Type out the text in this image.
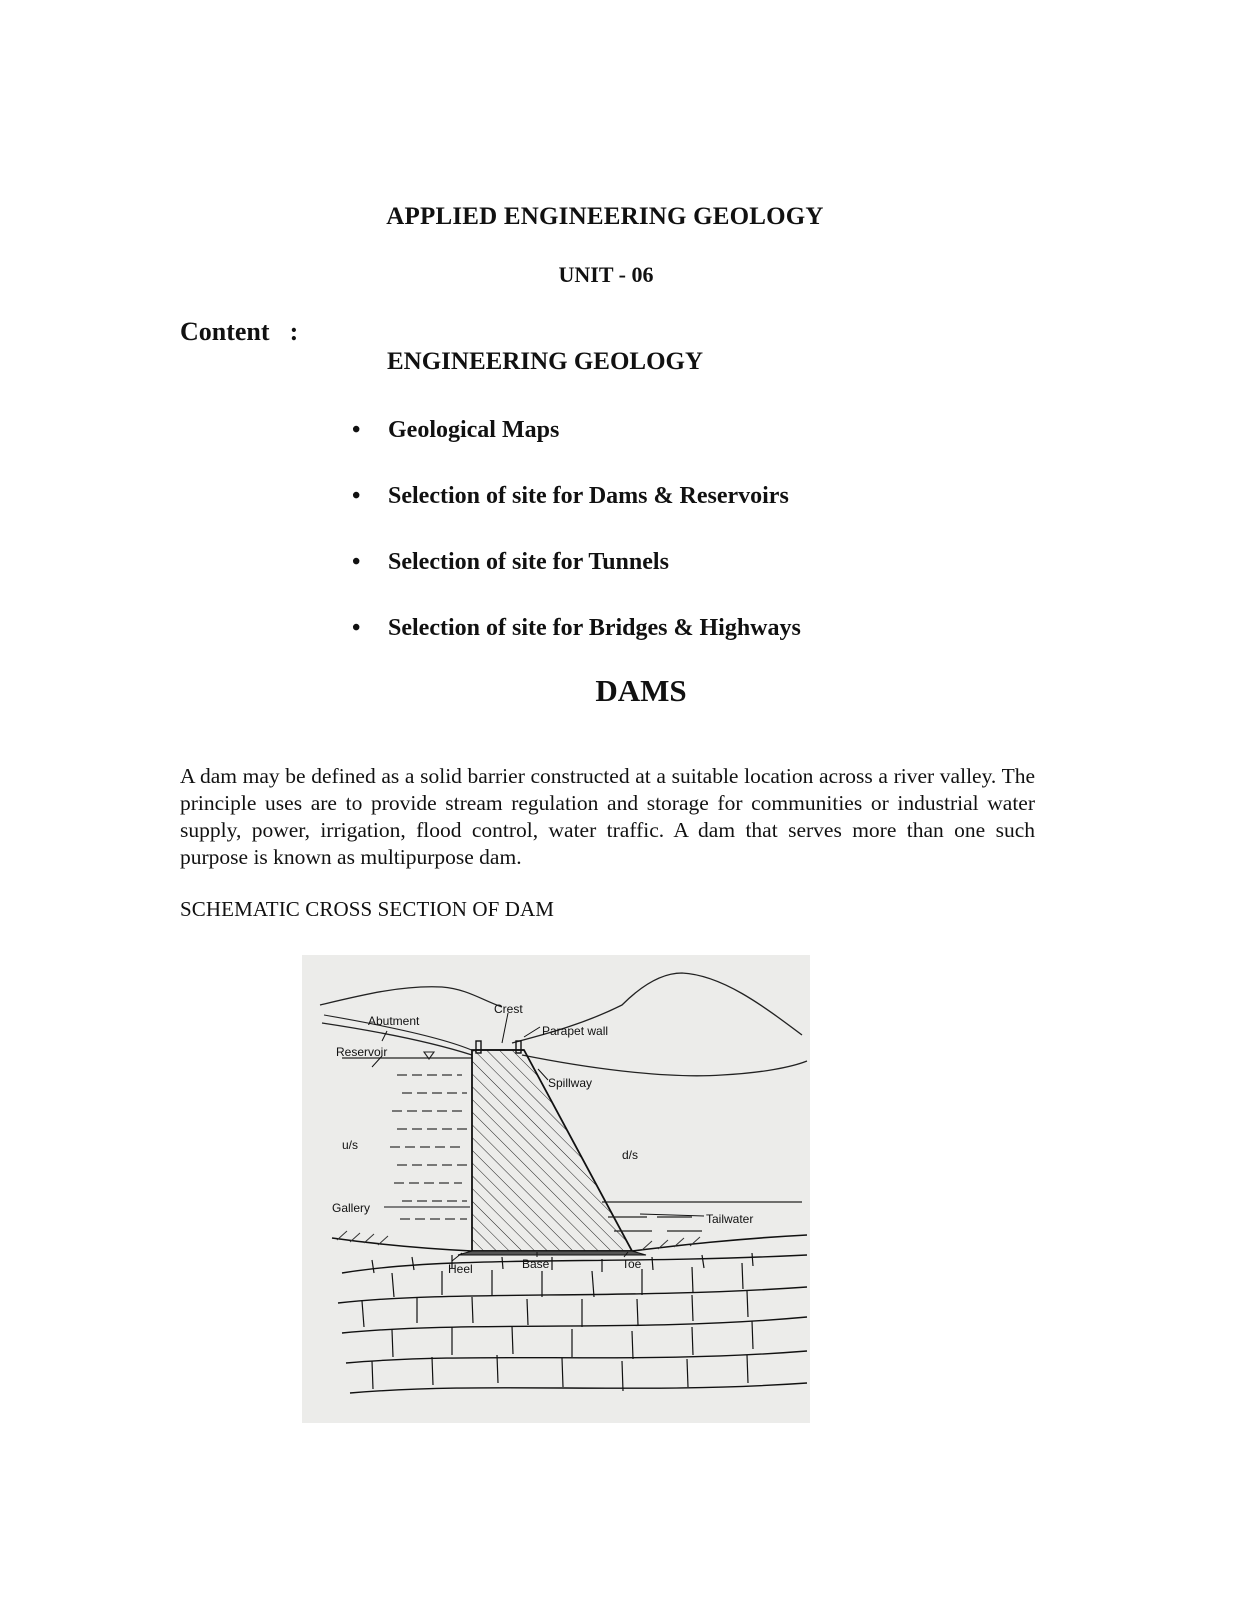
APPLIED ENGINEERING GEOLOGY
UNIT - 06
Content :
ENGINEERING GEOLOGY
• Geological Maps
• Selection of site for Dams & Reservoirs
• Selection of site for Tunnels
• Selection of site for Bridges & Highways
DAMS
A dam may be defined as a solid barrier constructed at a suitable location across a river valley. The principle uses are to provide stream regulation and storage for communities or industrial water supply, power, irrigation, flood control, water traffic. A dam that serves more than one such purpose is known as multipurpose dam.
SCHEMATIC CROSS SECTION OF DAM
Abutment
Crest
Parapet wall
Reservoir
Spillway
u/s
d/s
Gallery
Tailwater
Heel	Base	Toe
